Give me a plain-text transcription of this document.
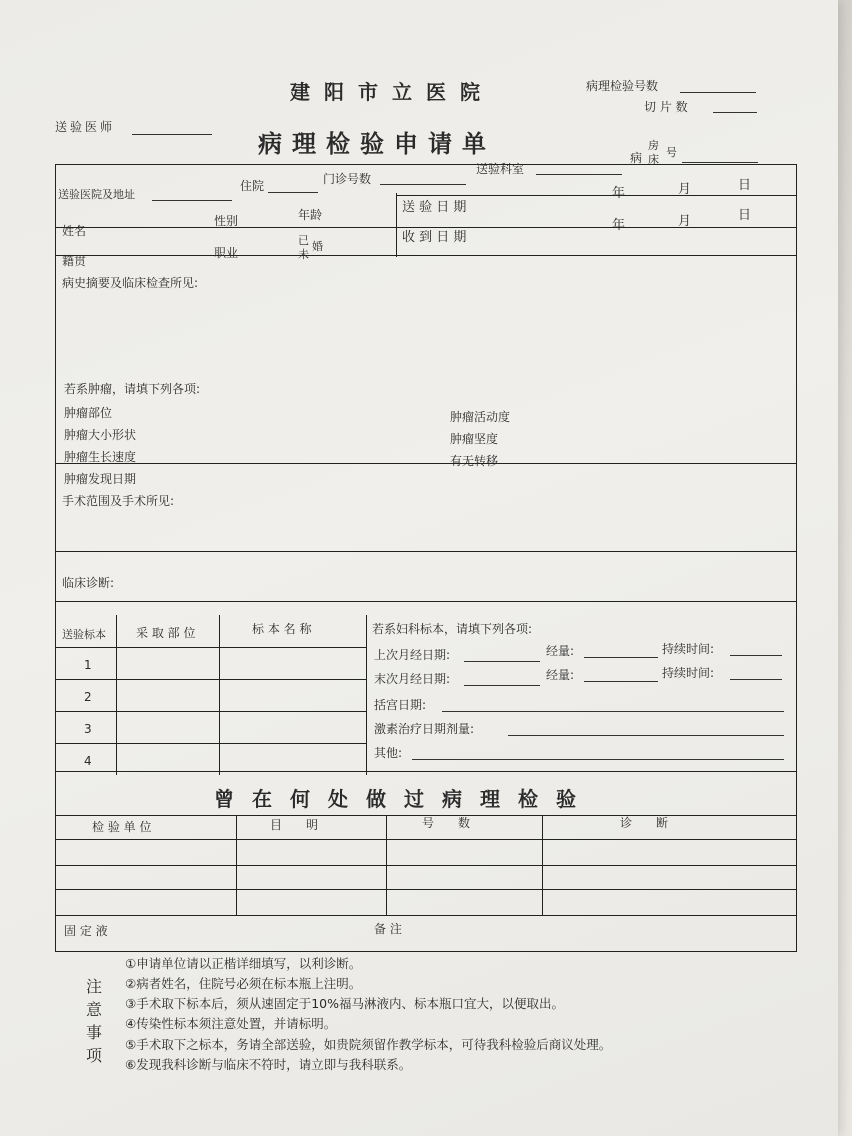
建阳市立医院
病理检验申请单
送验医师
病理检验号数
切 片 数
病
房
床
号
送验医院及地址
住院	门诊号数
送验科室
姓名
性别	年龄
籍贯
职业
已 婚
未
送 验 日 期
收 到 日 期
年	月	日
年	月	日
病史摘要及临床检查所见:
若系肿瘤，请填下列各项:
肿瘤部位
肿瘤大小形状
肿瘤生长速度
肿瘤发现日期
肿瘤活动度
肿瘤坚度
有无转移
手术范围及手术所见:
临床诊断:
送验标本	采 取 部 位	标 本 名 称
1
2
3
4
若系妇科标本，请填下列各项:
上次月经日期:	经量:	持续时间:
末次月经日期:	经量:	持续时间:
括宫日期:
激素治疗日期剂量:
其他:
曾在何处做过病理检验
检 验 单 位	目　　明	号　　数	诊　　断
固 定 液	备 注
注
意
事
项
①申请单位请以正楷详细填写，以利诊断。
②病者姓名，住院号必须在标本瓶上注明。
③手术取下标本后，须从速固定于10%福马淋液内、标本瓶口宜大，以便取出。
④传染性标本须注意处置，并请标明。
⑤手术取下之标本，务请全部送验，如贵院须留作教学标本，可待我科检验后商议处理。
⑥发现我科诊断与临床不符时，请立即与我科联系。
